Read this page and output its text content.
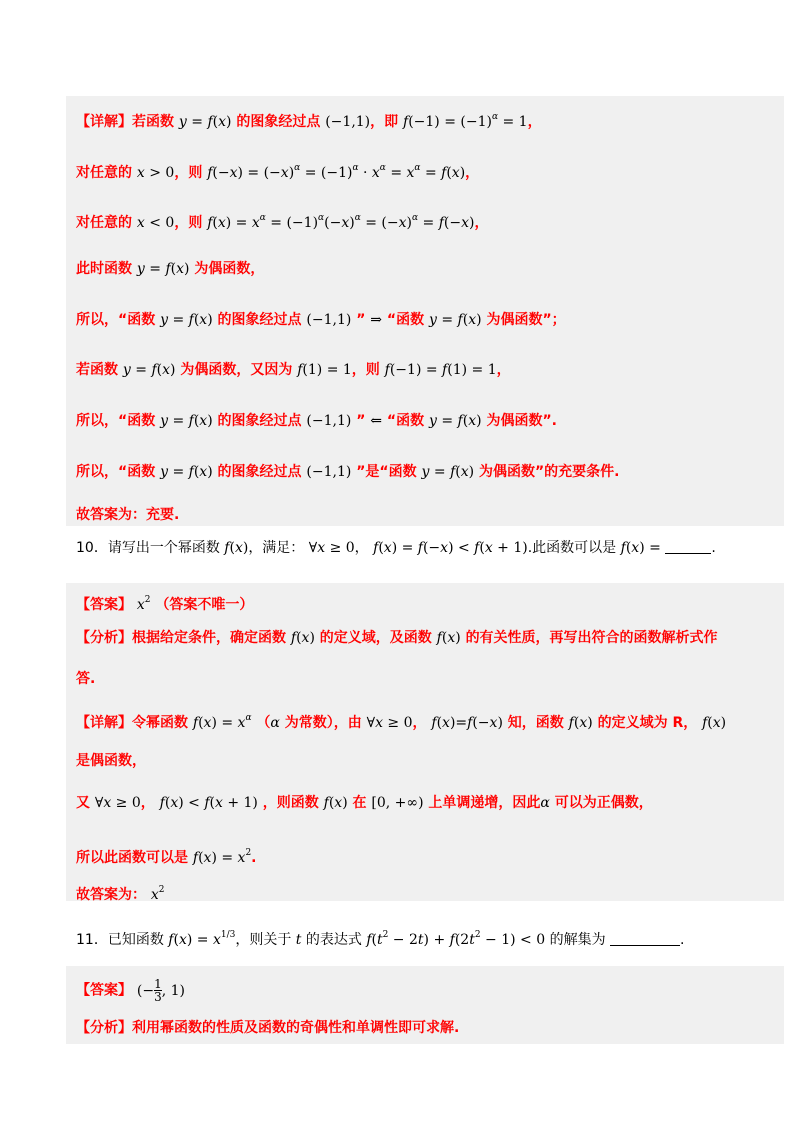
【详解】若函数 y = f(x) 的图象经过点 (−1,1)，即 $f(-1) = (-1)^\alpha = 1$，
对任意的 x > 0，则 $f(-x) = (-x)^\alpha = (-1)^\alpha \cdot x^\alpha = x^\alpha = f(x)$，
对任意的 x < 0，则 $f(x) = x^\alpha = (-1)^\alpha(-x)^\alpha = (-x)^\alpha = f(-x)$，
此时函数 y = f(x) 为偶函数，
所以，“函数 y = f(x) 的图象经过点 (−1,1) ” ⇒ “函数 y = f(x) 为偶函数”；
若函数 y = f(x) 为偶函数，又因为 f(1) = 1，则 f(−1) = f(1) = 1，
所以，“函数 y = f(x) 的图象经过点 (−1,1) ” ⇐ “函数 y = f(x) 为偶函数”.
所以，“函数 y = f(x) 的图象经过点 (−1,1) ”是“函数 y = f(x) 为偶函数”的充要条件.
故答案为：充要.
10．请写出一个幂函数 f(x)，满足： ∀x ≥ 0， f(x) = f(−x) < f(x + 1).此函数可以是 f(x) =	.
【答案】 $x^2$ （答案不唯一）
【分析】根据给定条件，确定函数 f(x) 的定义域，及函数 f(x) 的有关性质，再写出符合的函数解析式作
答.
【详解】令幂函数 $f(x) = x^\alpha$ （α 为常数），由 ∀x ≥ 0， f(x)=f(−x) 知，函数 f(x) 的定义域为 R， f(x)
是偶函数，
又 ∀x ≥ 0， f(x) < f(x + 1) ，则函数 f(x) 在 [0, +∞) 上单调递增，因此α 可以为正偶数，
所以此函数可以是 $f(x) = x^2$.
故答案为： $x^2$
11．已知函数 $f(x) = x^{1/3}$，则关于 t 的表达式 $f(t^2 - 2t) + f(2t^2 - 1) < 0$ 的解集为	.
【答案】 (− $\frac{1}{3}$ , 1)
【分析】利用幂函数的性质及函数的奇偶性和单调性即可求解.
